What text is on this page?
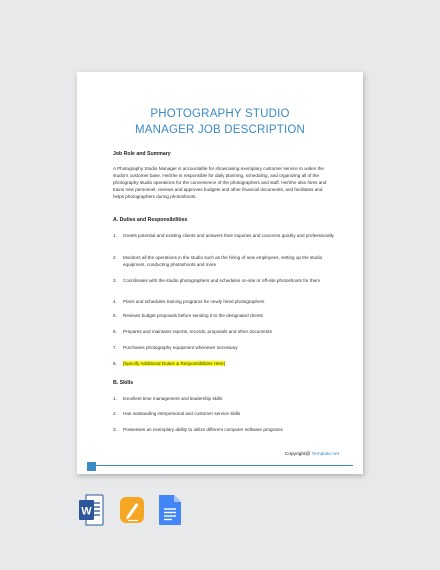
PHOTOGRAPHY STUDIO
MANAGER JOB DESCRIPTION
Job Role and Summary
A Photography Studio Manager is accountable for showcasing exemplary customer service to widen the studio's customer base. He/She is responsible for daily planning, scheduling, and organizing all of the photography studio operations for the convenience of the photographers and staff. He/She also hires and trains new personnel, reviews and approves budgets and other financial documents, and facilitates and helps photographers during photoshoots.
A. Duties and Responsibilities
1. Greets potential and existing clients and answers their inquiries and concerns quickly and professionally
2. Monitors all the operations in the studio such as the hiring of new employees, setting up the studio equipment, conducting photoshoots and more
3. Coordinates with the studio photographers and schedules on-site or off-site photoshoots for them
4. Plans and schedules training programs for newly hired photographers
5. Reviews budget proposals before sending it to the designated clients
6. Prepares and maintains reports, records, proposals and other documents
7. Purchases photography equipment whenever necessary
8. [Specify Additional Duties & Responsibilities Here]
B. Skills
1. Excellent time management and leadership skills
2. Has outstanding interpersonal and customer service skills
3. Possesses an exemplary ability to utilize different computer software programs
Copyright@ Template.net
W
